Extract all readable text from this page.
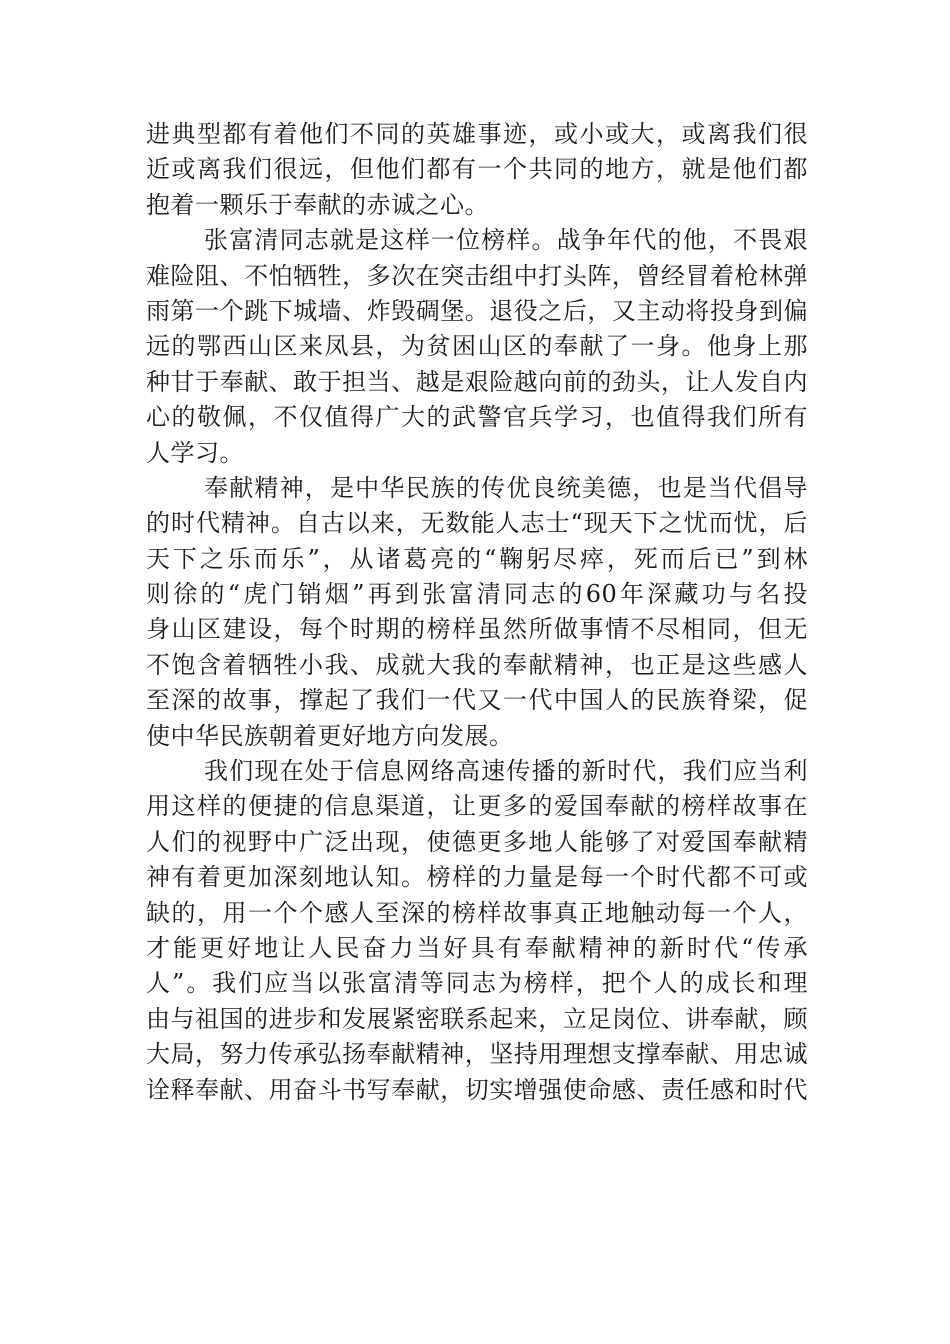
进典型都有着他们不同的英雄事迹，或小或大，或离我们很
近或离我们很远，但他们都有一个共同的地方，就是他们都
抱着一颗乐于奉献的赤诚之心。
张富清同志就是这样一位榜样。战争年代的他，不畏艰
难险阻、不怕牺牲，多次在突击组中打头阵，曾经冒着枪林弹
雨第一个跳下城墙、炸毁碉堡。退役之后，又主动将投身到偏
远的鄂西山区来凤县，为贫困山区的奉献了一身。他身上那
种甘于奉献、敢于担当、越是艰险越向前的劲头，让人发自内
心的敬佩，不仅值得广大的武警官兵学习，也值得我们所有
人学习。
奉献精神，是中华民族的传优良统美德，也是当代倡导
的时代精神。自古以来，无数能人志士“现天下之忧而忧，后
天下之乐而乐”，从诸葛亮的“鞠躬尽瘁，死而后已”到林
则徐的“虎门销烟”再到张富清同志的60年深藏功与名投
身山区建设，每个时期的榜样虽然所做事情不尽相同，但无
不饱含着牺牲小我、成就大我的奉献精神，也正是这些感人
至深的故事，撑起了我们一代又一代中国人的民族脊梁，促
使中华民族朝着更好地方向发展。
我们现在处于信息网络高速传播的新时代，我们应当利
用这样的便捷的信息渠道，让更多的爱国奉献的榜样故事在
人们的视野中广泛出现，使德更多地人能够了对爱国奉献精
神有着更加深刻地认知。榜样的力量是每一个时代都不可或
缺的，用一个个感人至深的榜样故事真正地触动每一个人，
才能更好地让人民奋力当好具有奉献精神的新时代“传承
人”。我们应当以张富清等同志为榜样，把个人的成长和理
由与祖国的进步和发展紧密联系起来，立足岗位、讲奉献，顾
大局，努力传承弘扬奉献精神，坚持用理想支撑奉献、用忠诚
诠释奉献、用奋斗书写奉献，切实增强使命感、责任感和时代
